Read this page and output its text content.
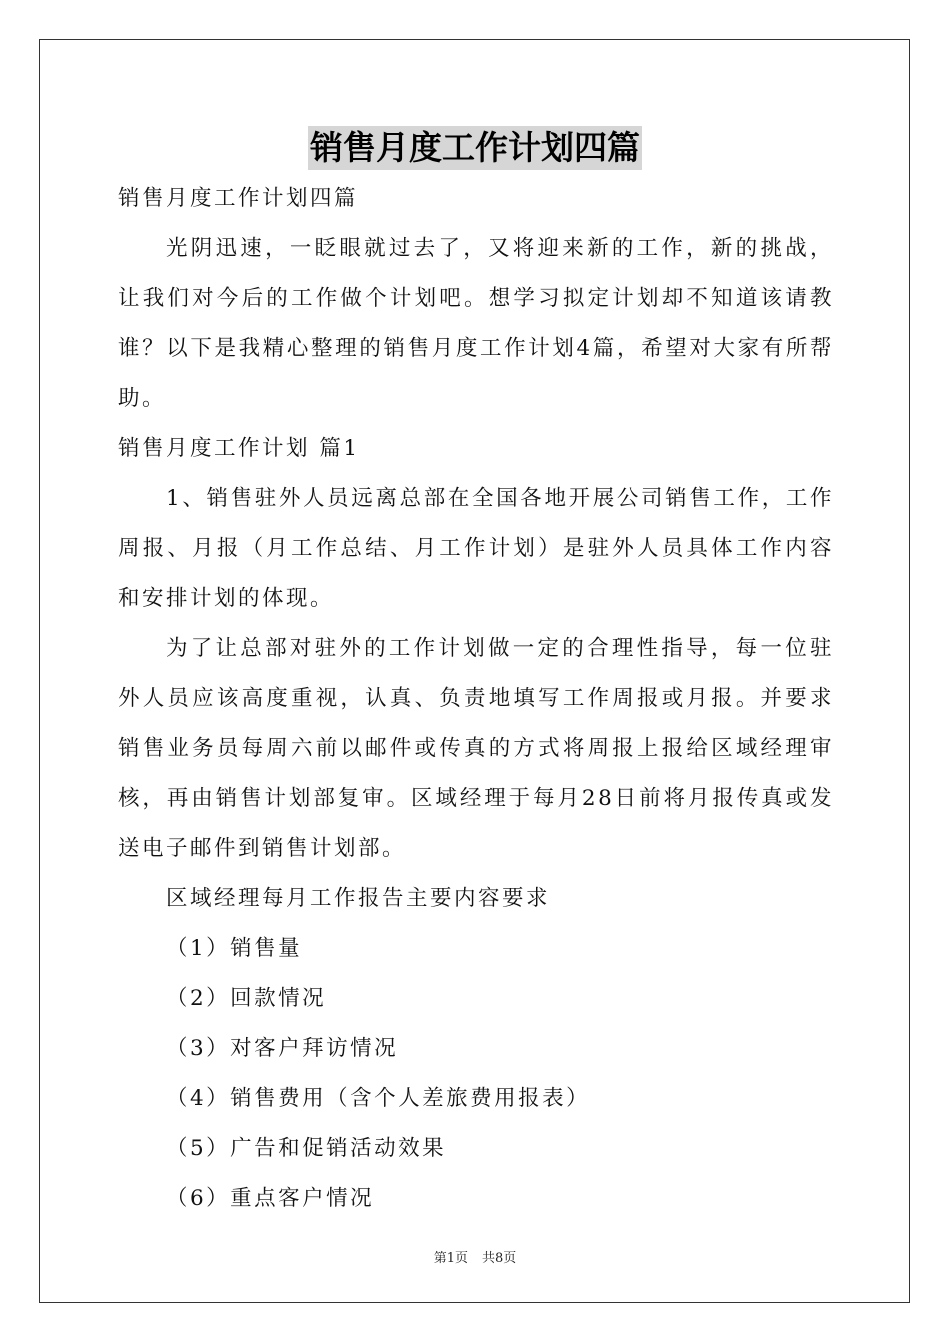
销售月度工作计划四篇

销售月度工作计划四篇

光阴迅速，一眨眼就过去了，又将迎来新的工作，新的挑战，让我们对今后的工作做个计划吧。想学习拟定计划却不知道该请教谁？以下是我精心整理的销售月度工作计划4篇，希望对大家有所帮助。

销售月度工作计划 篇1

1、销售驻外人员远离总部在全国各地开展公司销售工作，工作周报、月报（月工作总结、月工作计划）是驻外人员具体工作内容和安排计划的体现。

为了让总部对驻外的工作计划做一定的合理性指导，每一位驻外人员应该高度重视，认真、负责地填写工作周报或月报。并要求销售业务员每周六前以邮件或传真的方式将周报上报给区域经理审核，再由销售计划部复审。区域经理于每月28日前将月报传真或发送电子邮件到销售计划部。

区域经理每月工作报告主要内容要求

（1）销售量

（2）回款情况

（3）对客户拜访情况

（4）销售费用（含个人差旅费用报表）

（5）广告和促销活动效果

（6）重点客户情况

第1页 共8页
